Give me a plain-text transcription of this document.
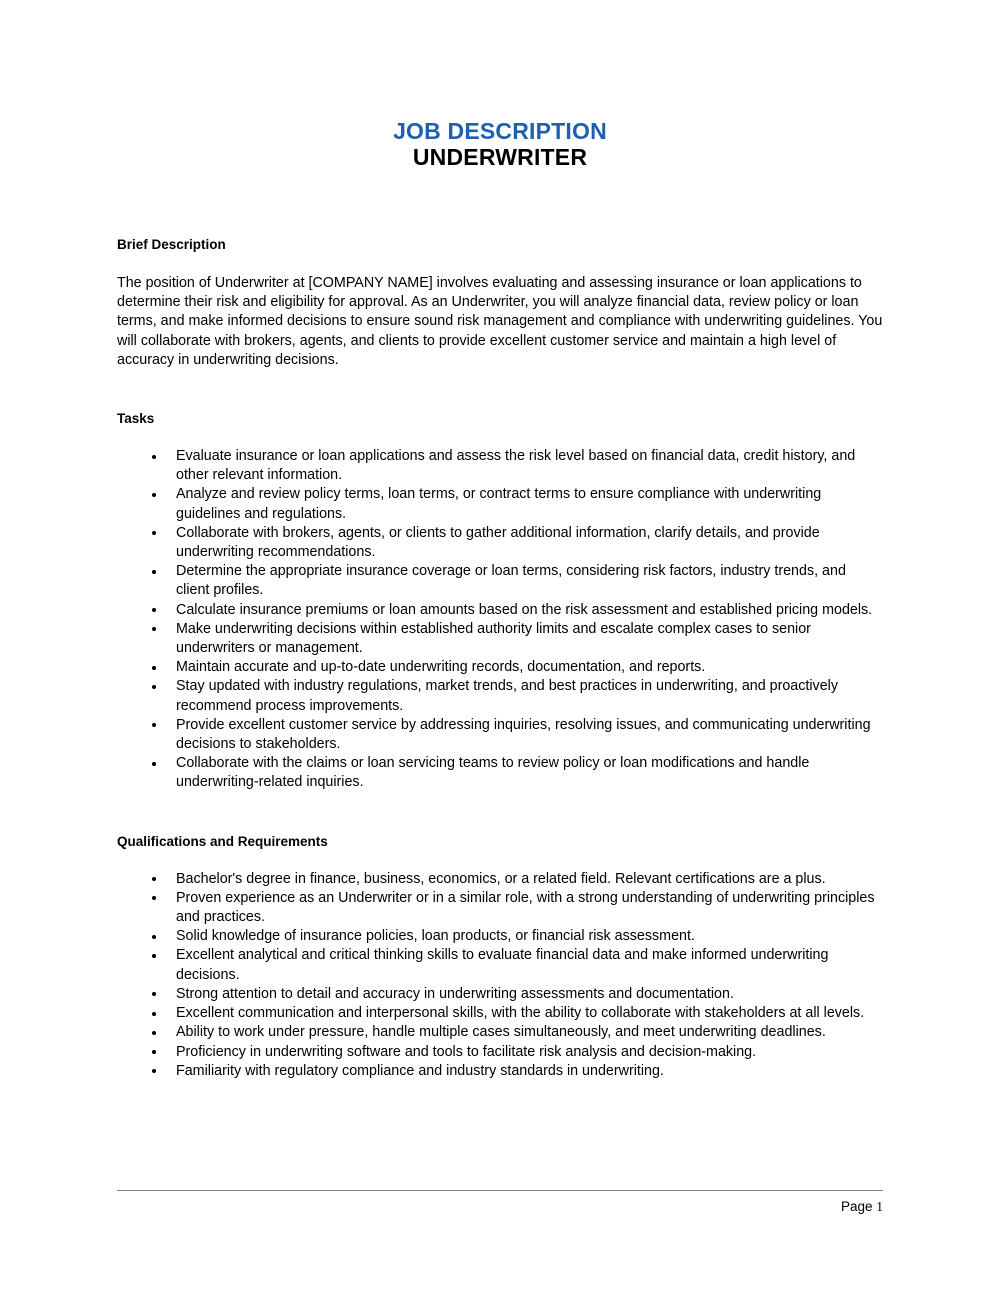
JOB DESCRIPTION
UNDERWRITER
Brief Description

The position of Underwriter at [COMPANY NAME] involves evaluating and assessing insurance or loan applications to determine their risk and eligibility for approval. As an Underwriter, you will analyze financial data, review policy or loan terms, and make informed decisions to ensure sound risk management and compliance with underwriting guidelines. You will collaborate with brokers, agents, and clients to provide excellent customer service and maintain a high level of accuracy in underwriting decisions.

Tasks
Evaluate insurance or loan applications and assess the risk level based on financial data, credit history, and other relevant information.
Analyze and review policy terms, loan terms, or contract terms to ensure compliance with underwriting guidelines and regulations.
Collaborate with brokers, agents, or clients to gather additional information, clarify details, and provide underwriting recommendations.
Determine the appropriate insurance coverage or loan terms, considering risk factors, industry trends, and client profiles.
Calculate insurance premiums or loan amounts based on the risk assessment and established pricing models.
Make underwriting decisions within established authority limits and escalate complex cases to senior underwriters or management.
Maintain accurate and up-to-date underwriting records, documentation, and reports.
Stay updated with industry regulations, market trends, and best practices in underwriting, and proactively recommend process improvements.
Provide excellent customer service by addressing inquiries, resolving issues, and communicating underwriting decisions to stakeholders.
Collaborate with the claims or loan servicing teams to review policy or loan modifications and handle underwriting-related inquiries.
Qualifications and Requirements
Bachelor's degree in finance, business, economics, or a related field. Relevant certifications are a plus.
Proven experience as an Underwriter or in a similar role, with a strong understanding of underwriting principles and practices.
Solid knowledge of insurance policies, loan products, or financial risk assessment.
Excellent analytical and critical thinking skills to evaluate financial data and make informed underwriting decisions.
Strong attention to detail and accuracy in underwriting assessments and documentation.
Excellent communication and interpersonal skills, with the ability to collaborate with stakeholders at all levels.
Ability to work under pressure, handle multiple cases simultaneously, and meet underwriting deadlines.
Proficiency in underwriting software and tools to facilitate risk analysis and decision-making.
Familiarity with regulatory compliance and industry standards in underwriting.
Page 1
